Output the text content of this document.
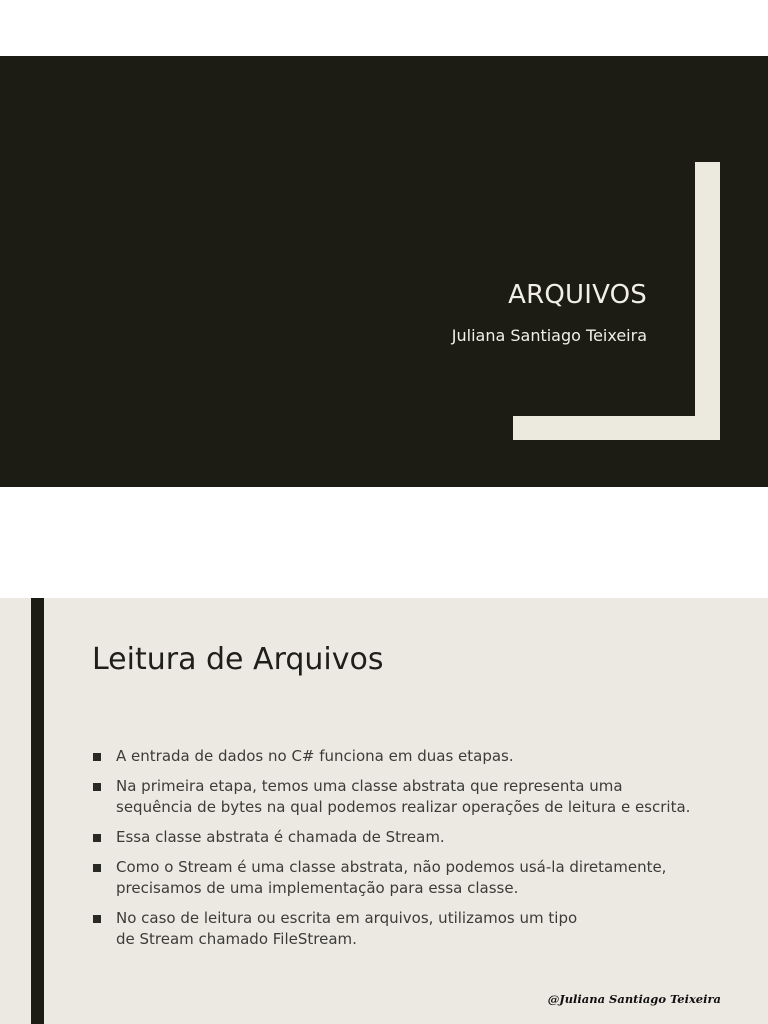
ARQUIVOS
Juliana Santiago Teixeira
Leitura de Arquivos
A entrada de dados no C# funciona em duas etapas.
Na primeira etapa, temos uma classe abstrata que representa uma
sequência de bytes na qual podemos realizar operações de leitura e escrita.
Essa classe abstrata é chamada de Stream.
Como o Stream é uma classe abstrata, não podemos usá-la diretamente,
precisamos de uma implementação para essa classe.
No caso de leitura ou escrita em arquivos, utilizamos um tipo
de Stream chamado FileStream.
@Juliana Santiago Teixeira
